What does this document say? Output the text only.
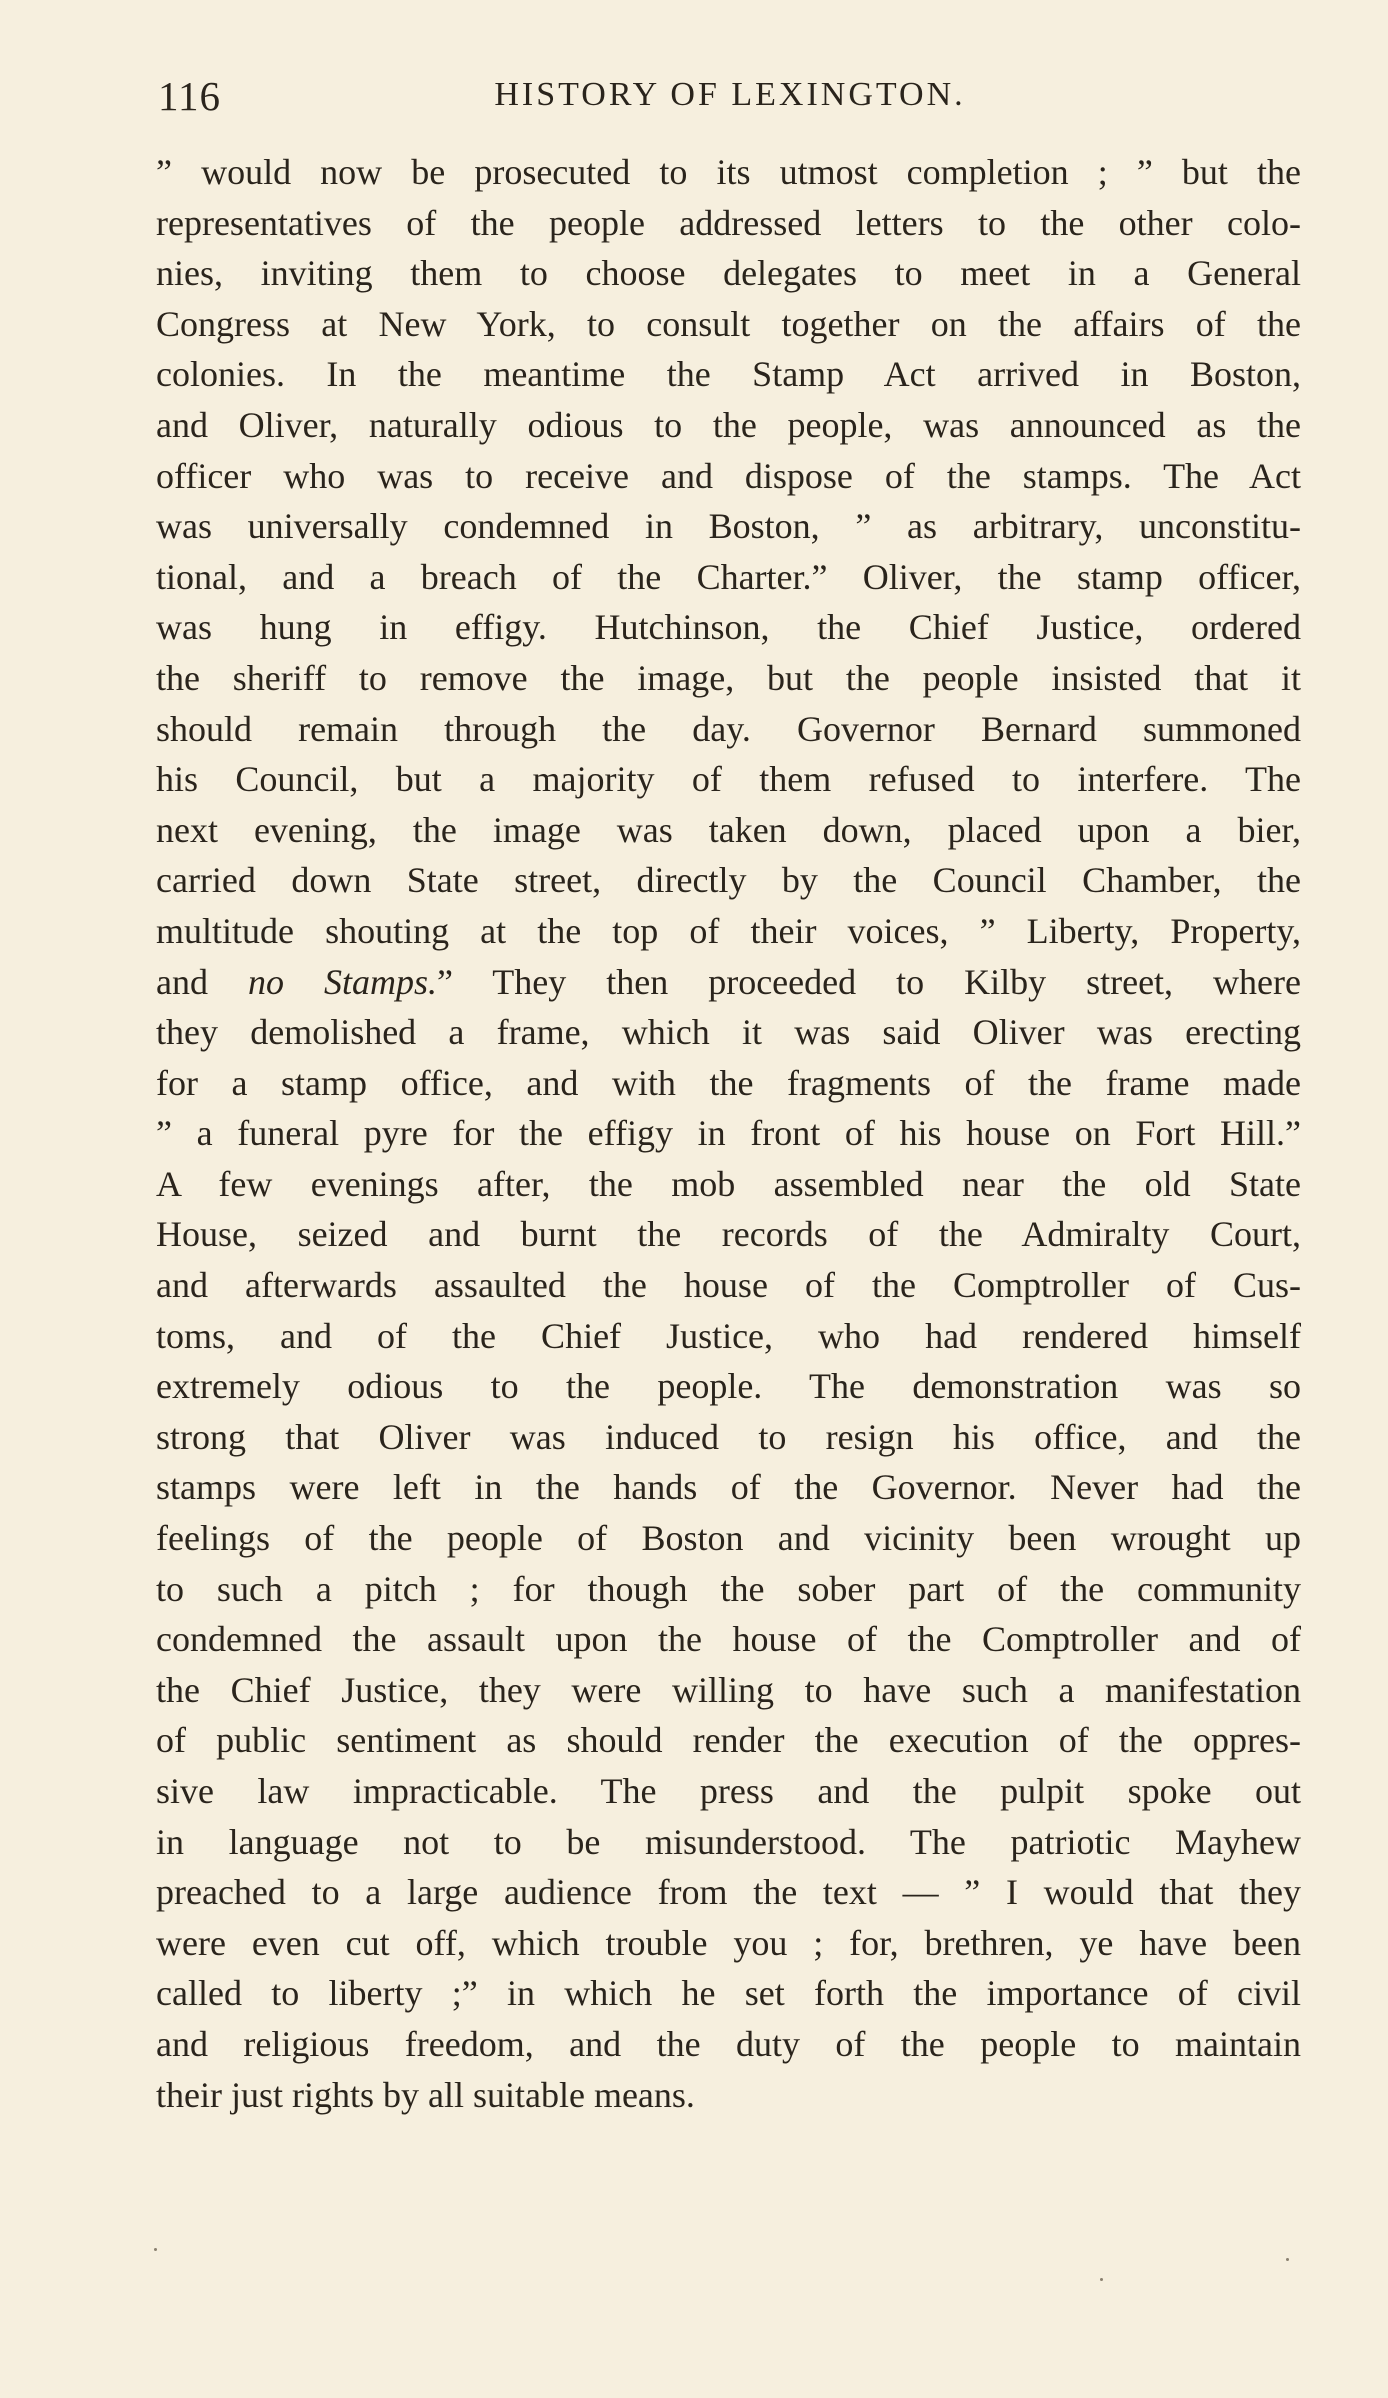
116	HISTORY OF LEXINGTON.
” would now be prosecuted to its utmost completion ; ” but the
representatives of the people addressed letters to the other colo-
nies, inviting them to choose delegates to meet in a General
Congress at New York, to consult together on the affairs of the
colonies. In the meantime the Stamp Act arrived in Boston,
and Oliver, naturally odious to the people, was announced as the
officer who was to receive and dispose of the stamps. The Act
was universally condemned in Boston, ” as arbitrary, unconstitu-
tional, and a breach of the Charter.” Oliver, the stamp officer,
was hung in effigy. Hutchinson, the Chief Justice, ordered
the sheriff to remove the image, but the people insisted that it
should remain through the day. Governor Bernard summoned
his Council, but a majority of them refused to interfere. The
next evening, the image was taken down, placed upon a bier,
carried down State street, directly by the Council Chamber, the
multitude shouting at the top of their voices, ” Liberty, Property,
and no Stamps.” They then proceeded to Kilby street, where
they demolished a frame, which it was said Oliver was erecting
for a stamp office, and with the fragments of the frame made
” a funeral pyre for the effigy in front of his house on Fort Hill.”
A few evenings after, the mob assembled near the old State
House, seized and burnt the records of the Admiralty Court,
and afterwards assaulted the house of the Comptroller of Cus-
toms, and of the Chief Justice, who had rendered himself
extremely odious to the people. The demonstration was so
strong that Oliver was induced to resign his office, and the
stamps were left in the hands of the Governor. Never had the
feelings of the people of Boston and vicinity been wrought up
to such a pitch ; for though the sober part of the community
condemned the assault upon the house of the Comptroller and of
the Chief Justice, they were willing to have such a manifestation
of public sentiment as should render the execution of the oppres-
sive law impracticable. The press and the pulpit spoke out
in language not to be misunderstood. The patriotic Mayhew
preached to a large audience from the text — ” I would that they
were even cut off, which trouble you ; for, brethren, ye have been
called to liberty ;” in which he set forth the importance of civil
and religious freedom, and the duty of the people to maintain
their just rights by all suitable means.
